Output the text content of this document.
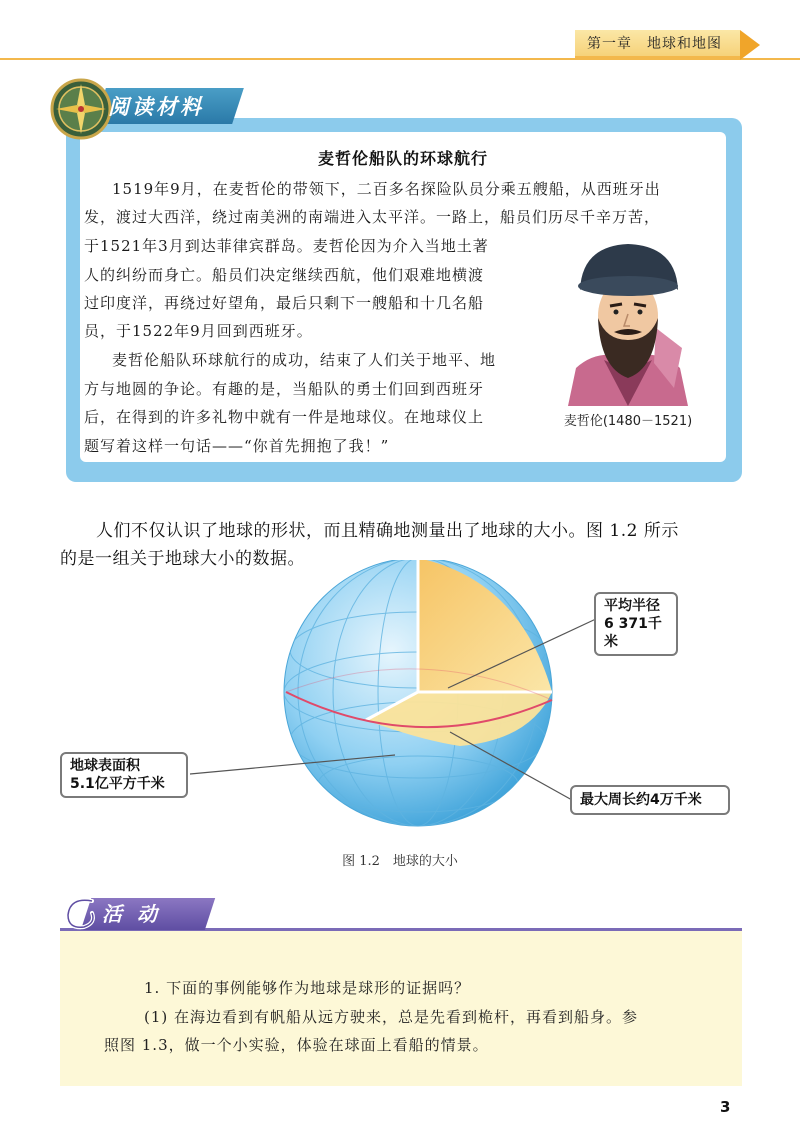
第一章　地球和地图
阅读材料
麦哲伦船队的环球航行
1519年9月，在麦哲伦的带领下，二百多名探险队员分乘五艘船，从西班牙出
发，渡过大西洋，绕过南美洲的南端进入太平洋。一路上，船员们历尽千辛万苦，
于1521年3月到达菲律宾群岛。麦哲伦因为介入当地土著
人的纠纷而身亡。船员们决定继续西航，他们艰难地横渡
过印度洋，再绕过好望角，最后只剩下一艘船和十几名船
员，于1522年9月回到西班牙。
麦哲伦船队环球航行的成功，结束了人们关于地平、地
方与地圆的争论。有趣的是，当船队的勇士们回到西班牙
后，在得到的许多礼物中就有一件是地球仪。在地球仪上
题写着这样一句话——“你首先拥抱了我！”
麦哲伦(1480－1521)
人们不仅认识了地球的形状，而且精确地测量出了地球的大小。图 1.2 所示
的是一组关于地球大小的数据。
平均半径
6 371千米
地球表面积
5.1亿平方千米
最大周长约4万千米
图 1.2　地球的大小
活 动
1. 下面的事例能够作为地球是球形的证据吗？
(1) 在海边看到有帆船从远方驶来，总是先看到桅杆，再看到船身。参
照图 1.3，做一个小实验，体验在球面上看船的情景。
3
